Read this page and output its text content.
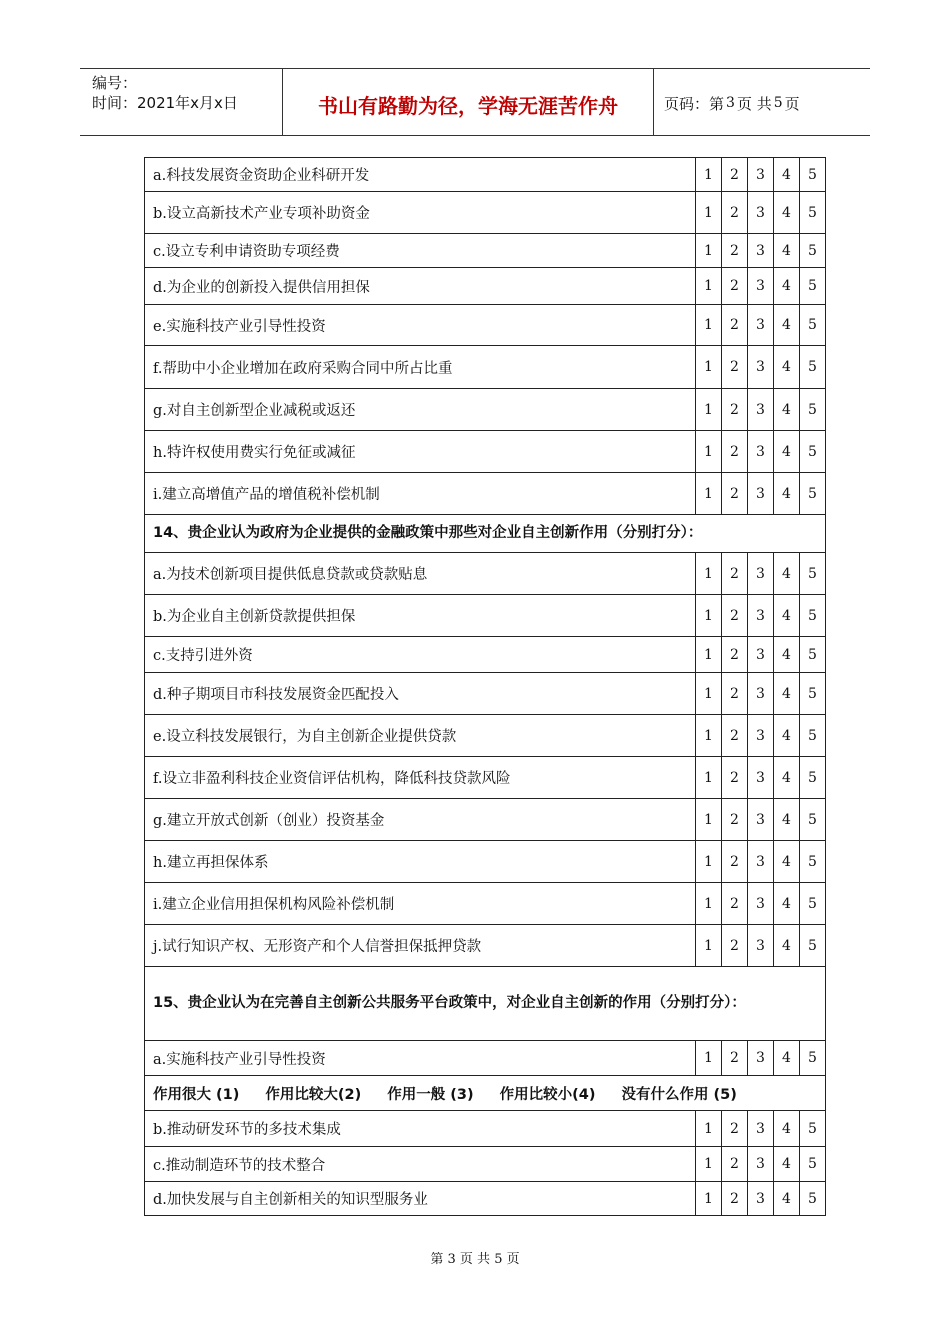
编号：
时间：2021年x月x日	书山有路勤为径，学海无涯苦作舟	页码：第 3 页 共 5 页
a.科技发展资金资助企业科研开发	1	2	3	4	5
b.设立高新技术产业专项补助资金	1	2	3	4	5
c.设立专利申请资助专项经费	1	2	3	4	5
d.为企业的创新投入提供信用担保	1	2	3	4	5
e.实施科技产业引导性投资	1	2	3	4	5
f.帮助中小企业增加在政府采购合同中所占比重	1	2	3	4	5
g.对自主创新型企业减税或返还	1	2	3	4	5
h.特许权使用费实行免征或减征	1	2	3	4	5
i.建立高增值产品的增值税补偿机制	1	2	3	4	5
14、贵企业认为政府为企业提供的金融政策中那些对企业自主创新作用（分别打分）：					
a.为技术创新项目提供低息贷款或贷款贴息	1	2	3	4	5
b.为企业自主创新贷款提供担保	1	2	3	4	5
c.支持引进外资	1	2	3	4	5
d.种子期项目市科技发展资金匹配投入	1	2	3	4	5
e.设立科技发展银行，为自主创新企业提供贷款	1	2	3	4	5
f.设立非盈利科技企业资信评估机构，降低科技贷款风险	1	2	3	4	5
g.建立开放式创新（创业）投资基金	1	2	3	4	5
h.建立再担保体系	1	2	3	4	5
i.建立企业信用担保机构风险补偿机制	1	2	3	4	5
j.试行知识产权、无形资产和个人信誉担保抵押贷款	1	2	3	4	5
15、贵企业认为在完善自主创新公共服务平台政策中，对企业自主创新的作用（分别打分）：					
a.实施科技产业引导性投资	1	2	3	4	5
作用很大 (1) 作用比较大(2) 作用一般 (3) 作用比较小(4) 没有什么作用 (5)					
b.推动研发环节的多技术集成	1	2	3	4	5
c.推动制造环节的技术整合	1	2	3	4	5
d.加快发展与自主创新相关的知识型服务业	1	2	3	4	5
第 3 页 共 5 页
